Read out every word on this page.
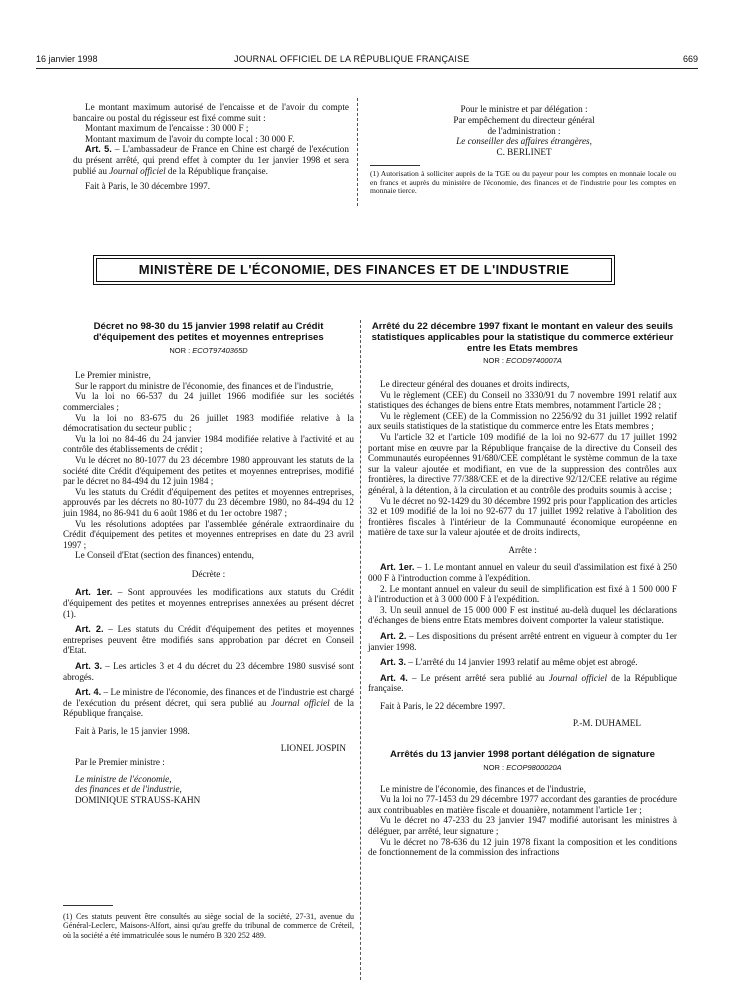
16 janvier 1998	JOURNAL OFFICIEL DE LA RÉPUBLIQUE FRANÇAISE	669

Le montant maximum autorisé de l'encaisse et de l'avoir du compte bancaire ou postal du régisseur est fixé comme suit :

Montant maximum de l'encaisse : 30 000 F ;

Montant maximum de l'avoir du compte local : 30 000 F.

Art. 5. – L'ambassadeur de France en Chine est chargé de l'exécution du présent arrêté, qui prend effet à compter du 1er janvier 1998 et sera publié au Journal officiel de la République française.

Fait à Paris, le 30 décembre 1997.

Pour le ministre et par délégation :
Par empêchement du directeur général
de l'administration :
Le conseiller des affaires étrangères,
C. BERLINET
(1) Autorisation à solliciter auprès de la TGE ou du payeur pour les comptes en monnaie locale ou en francs et auprès du ministère de l'économie, des finances et de l'industrie pour les comptes en monnaie tierce.
MINISTÈRE DE L'ÉCONOMIE, DES FINANCES ET DE L'INDUSTRIE
Décret no 98-30 du 15 janvier 1998 relatif au Crédit d'équipement des petites et moyennes entreprises
NOR : ECOT9740365D

Le Premier ministre,

Sur le rapport du ministre de l'économie, des finances et de l'industrie,

Vu la loi no 66-537 du 24 juillet 1966 modifiée sur les sociétés commerciales ;

Vu la loi no 83-675 du 26 juillet 1983 modifiée relative à la démocratisation du secteur public ;

Vu la loi no 84-46 du 24 janvier 1984 modifiée relative à l'activité et au contrôle des établissements de crédit ;

Vu le décret no 80-1077 du 23 décembre 1980 approuvant les statuts de la société dite Crédit d'équipement des petites et moyennes entreprises, modifié par le décret no 84-494 du 12 juin 1984 ;

Vu les statuts du Crédit d'équipement des petites et moyennes entreprises, approuvés par les décrets no 80-1077 du 23 décembre 1980, no 84-494 du 12 juin 1984, no 86-941 du 6 août 1986 et du 1er octobre 1987 ;

Vu les résolutions adoptées par l'assemblée générale extraordinaire du Crédit d'équipement des petites et moyennes entreprises en date du 23 avril 1997 ;

Le Conseil d'Etat (section des finances) entendu,

Décrète :

Art. 1er. – Sont approuvées les modifications aux statuts du Crédit d'équipement des petites et moyennes entreprises annexées au présent décret (1).

Art. 2. – Les statuts du Crédit d'équipement des petites et moyennes entreprises peuvent être modifiés sans approbation par décret en Conseil d'Etat.

Art. 3. – Les articles 3 et 4 du décret du 23 décembre 1980 susvisé sont abrogés.

Art. 4. – Le ministre de l'économie, des finances et de l'industrie est chargé de l'exécution du présent décret, qui sera publié au Journal officiel de la République française.

Fait à Paris, le 15 janvier 1998.

LIONEL JOSPIN

Par le Premier ministre :

Le ministre de l'économie,

des finances et de l'industrie,

DOMINIQUE STRAUSS-KAHN

(1) Ces statuts peuvent être consultés au siège social de la société, 27-31, avenue du Général-Leclerc, Maisons-Alfort, ainsi qu'au greffe du tribunal de commerce de Créteil, où la société a été immatriculée sous le numéro B 320 252 489.
Arrêté du 22 décembre 1997 fixant le montant en valeur des seuils statistiques applicables pour la statistique du commerce extérieur entre les Etats membres
NOR : ECOD9740007A

Le directeur général des douanes et droits indirects,

Vu le règlement (CEE) du Conseil no 3330/91 du 7 novembre 1991 relatif aux statistiques des échanges de biens entre Etats membres, notamment l'article 28 ;

Vu le règlement (CEE) de la Commission no 2256/92 du 31 juillet 1992 relatif aux seuils statistiques de la statistique du commerce entre les Etats membres ;

Vu l'article 32 et l'article 109 modifié de la loi no 92-677 du 17 juillet 1992 portant mise en œuvre par la République française de la directive du Conseil des Communautés européennes 91/680/CEE complétant le système commun de la taxe sur la valeur ajoutée et modifiant, en vue de la suppression des contrôles aux frontières, la directive 77/388/CEE et de la directive 92/12/CEE relative au régime général, à la détention, à la circulation et au contrôle des produits soumis à accise ;

Vu le décret no 92-1429 du 30 décembre 1992 pris pour l'application des articles 32 et 109 modifié de la loi no 92-677 du 17 juillet 1992 relative à l'abolition des frontières fiscales à l'intérieur de la Communauté économique européenne en matière de taxe sur la valeur ajoutée et de droits indirects,

Arrête :

Art. 1er. – 1. Le montant annuel en valeur du seuil d'assimilation est fixé à 250 000 F à l'introduction comme à l'expédition.

2. Le montant annuel en valeur du seuil de simplification est fixé à 1 500 000 F à l'introduction et à 3 000 000 F à l'expédition.

3. Un seuil annuel de 15 000 000 F est institué au-delà duquel les déclarations d'échanges de biens entre Etats membres doivent comporter la valeur statistique.

Art. 2. – Les dispositions du présent arrêté entrent en vigueur à compter du 1er janvier 1998.

Art. 3. – L'arrêté du 14 janvier 1993 relatif au même objet est abrogé.

Art. 4. – Le présent arrêté sera publié au Journal officiel de la République française.

Fait à Paris, le 22 décembre 1997.

P.-M. DUHAMEL

Arrêtés du 13 janvier 1998 portant délégation de signature
NOR : ECOP9800020A

Le ministre de l'économie, des finances et de l'industrie,

Vu la loi no 77-1453 du 29 décembre 1977 accordant des garanties de procédure aux contribuables en matière fiscale et douanière, notamment l'article 1er ;

Vu le décret no 47-233 du 23 janvier 1947 modifié autorisant les ministres à déléguer, par arrêté, leur signature ;

Vu le décret no 78-636 du 12 juin 1978 fixant la composition et les conditions de fonctionnement de la commission des infractions
